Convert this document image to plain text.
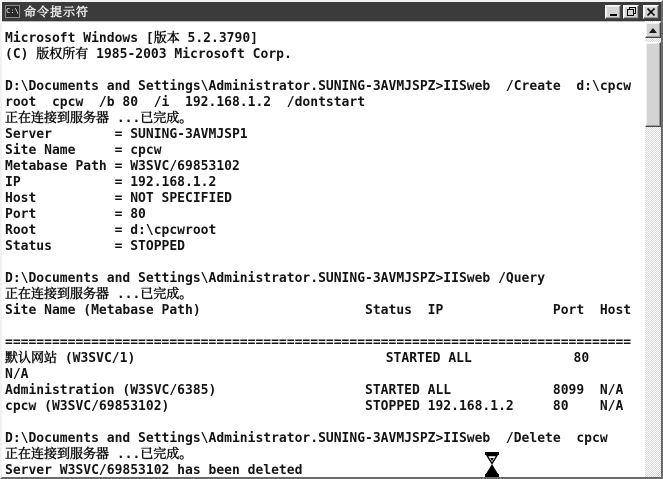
C:\ 命令提示符
Microsoft Windows [版本 5.2.3790]
(C) 版权所有 1985-2003 Microsoft Corp.
D:\Documents and Settings\Administrator.SUNING-3AVMJSPZ>IISweb  /Create  d:\cpcw
root  cpcw  /b 80  /i  192.168.1.2  /dontstart
正在连接到服务器 ...已完成。
Server        = SUNING-3AVMJSP1
Site Name     = cpcw
Metabase Path = W3SVC/69853102
IP            = 192.168.1.2
Host          = NOT SPECIFIED
Port          = 80
Root          = d:\cpcwroot
Status        = STOPPED
D:\Documents and Settings\Administrator.SUNING-3AVMJSPZ>IISweb /Query
正在连接到服务器 ...已完成。
Site Name (Metabase Path)                     Status  IP              Port  Host
================================================================================
默认网站 (W3SVC/1)                                STARTED ALL             80
N/A
Administration (W3SVC/6385)                   STARTED ALL             8099  N/A
cpcw (W3SVC/69853102)                         STOPPED 192.168.1.2     80    N/A
D:\Documents and Settings\Administrator.SUNING-3AVMJSPZ>IISweb  /Delete  cpcw
正在连接到服务器 ...已完成。
Server W3SVC/69853102 has been deleted
